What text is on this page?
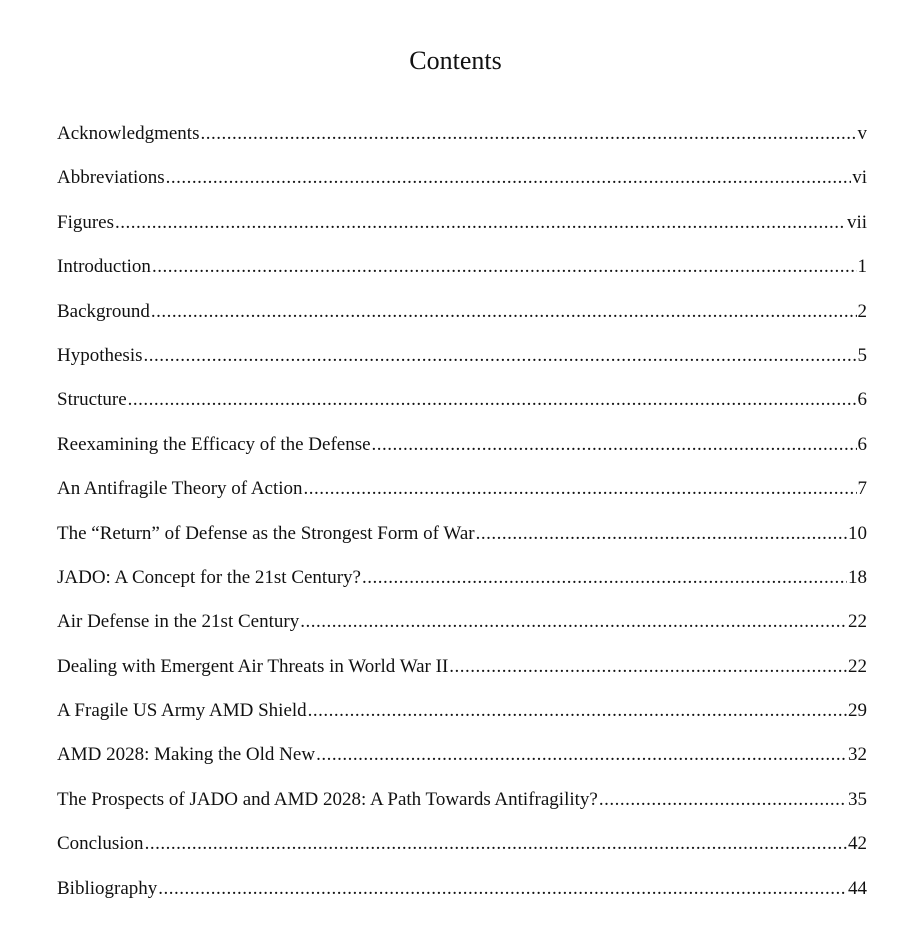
Contents
Acknowledgments .....	v
Abbreviations .....	vi
Figures .....	vii
Introduction .....	1
Background .....	2
Hypothesis .....	5
Structure .....	6
Reexamining the Efficacy of the Defense .....	6
An Antifragile Theory of Action .....	7
The “Return” of Defense as the Strongest Form of War .....	10
JADO: A Concept for the 21st Century? .....	18
Air Defense in the 21st Century .....	22
Dealing with Emergent Air Threats in World War II .....	22
A Fragile US Army AMD Shield .....	29
AMD 2028: Making the Old New .....	32
The Prospects of JADO and AMD 2028: A Path Towards Antifragility? .....	35
Conclusion .....	42
Bibliography .....	44
